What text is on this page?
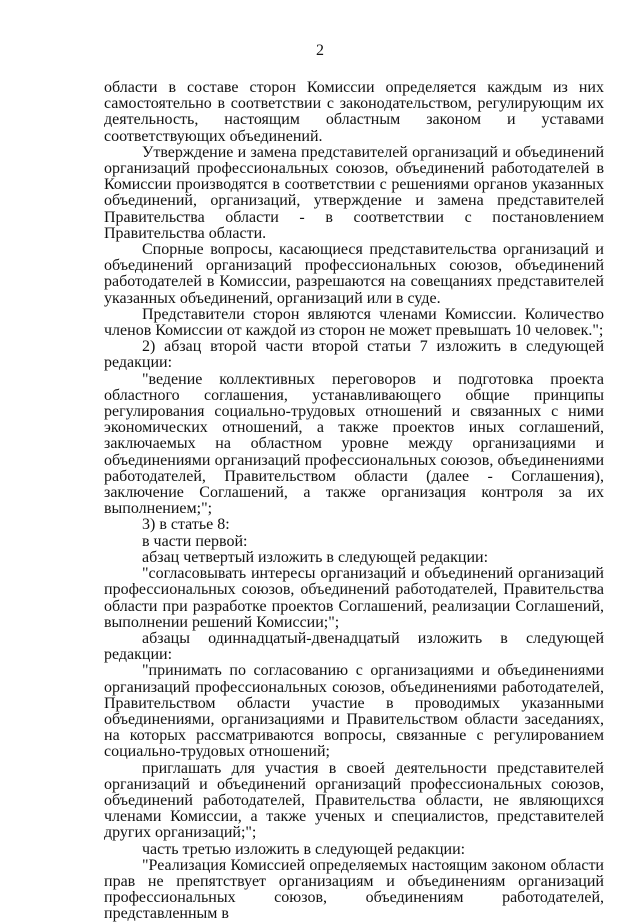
2

области в составе сторон Комиссии определяется каждым из них самостоятельно в соответствии с законодательством, регулирующим их деятельность, настоящим областным законом и уставами соответствующих объединений.

Утверждение и замена представителей организаций и объединений организаций профессиональных союзов, объединений работодателей в Комиссии производятся в соответствии с решениями органов указанных объединений, организаций, утверждение и замена представителей Правительства области - в соответствии с постановлением Правительства области.

Спорные вопросы, касающиеся представительства организаций и объединений организаций профессиональных союзов, объединений работодателей в Комиссии, разрешаются на совещаниях представителей указанных объединений, организаций или в суде.

Представители сторон являются членами Комиссии. Количество членов Комиссии от каждой из сторон не может превышать 10 человек.";

2) абзац второй части второй статьи 7 изложить в следующей редакции:

"ведение коллективных переговоров и подготовка проекта областного соглашения, устанавливающего общие принципы регулирования социально-трудовых отношений и связанных с ними экономических отношений, а также проектов иных соглашений, заключаемых на областном уровне между организациями и объединениями организаций профессиональных союзов, объединениями работодателей, Правительством области (далее - Соглашения), заключение Соглашений, а также организация контроля за их выполнением;";

3) в статье 8:

в части первой:

абзац четвертый изложить в следующей редакции:

"согласовывать интересы организаций и объединений организаций профессиональных союзов, объединений работодателей, Правительства области при разработке проектов Соглашений, реализации Соглашений, выполнении решений Комиссии;";

абзацы одиннадцатый-двенадцатый изложить в следующей редакции:

"принимать по согласованию с организациями и объединениями организаций профессиональных союзов, объединениями работодателей, Правительством области участие в проводимых указанными объединениями, организациями и Правительством области заседаниях, на которых рассматриваются вопросы, связанные с регулированием социально-трудовых отношений;

приглашать для участия в своей деятельности представителей организаций и объединений организаций профессиональных союзов, объединений работодателей, Правительства области, не являющихся членами Комиссии, а также ученых и специалистов, представителей других организаций;";

часть третью изложить в следующей редакции:

"Реализация Комиссией определяемых настоящим законом области прав не препятствует организациям и объединениям организаций профессиональных союзов, объединениям работодателей, представленным в
